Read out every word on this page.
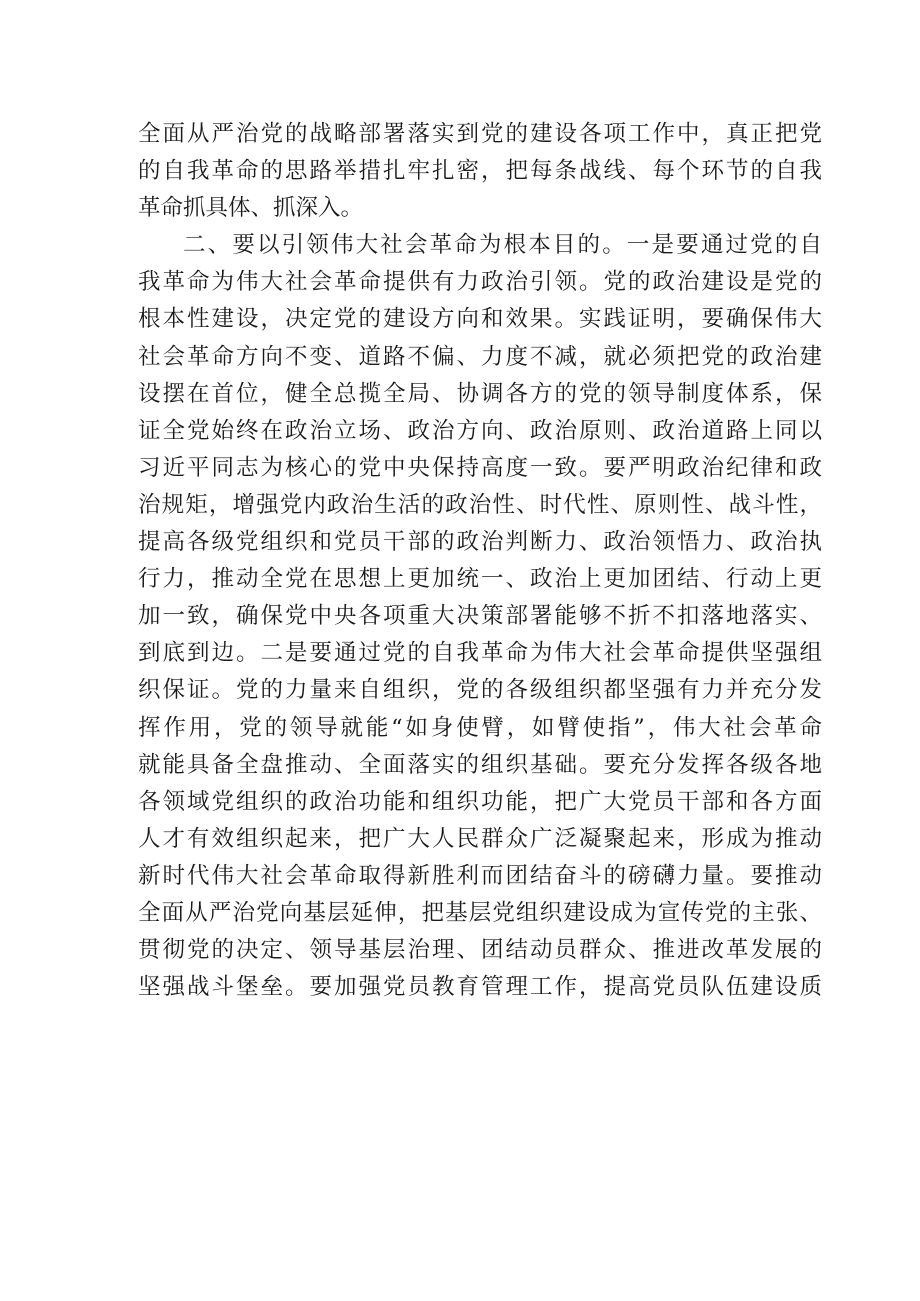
全面从严治党的战略部署落实到党的建设各项工作中，真正把党
的自我革命的思路举措扎牢扎密，把每条战线、每个环节的自我
革命抓具体、抓深入。
二、要以引领伟大社会革命为根本目的。一是要通过党的自
我革命为伟大社会革命提供有力政治引领。党的政治建设是党的
根本性建设，决定党的建设方向和效果。实践证明，要确保伟大
社会革命方向不变、道路不偏、力度不减，就必须把党的政治建
设摆在首位，健全总揽全局、协调各方的党的领导制度体系，保
证全党始终在政治立场、政治方向、政治原则、政治道路上同以
习近平同志为核心的党中央保持高度一致。要严明政治纪律和政
治规矩，增强党内政治生活的政治性、时代性、原则性、战斗性，
提高各级党组织和党员干部的政治判断力、政治领悟力、政治执
行力，推动全党在思想上更加统一、政治上更加团结、行动上更
加一致，确保党中央各项重大决策部署能够不折不扣落地落实、
到底到边。二是要通过党的自我革命为伟大社会革命提供坚强组
织保证。党的力量来自组织，党的各级组织都坚强有力并充分发
挥作用，党的领导就能“如身使臂，如臂使指”，伟大社会革命
就能具备全盘推动、全面落实的组织基础。要充分发挥各级各地
各领域党组织的政治功能和组织功能，把广大党员干部和各方面
人才有效组织起来，把广大人民群众广泛凝聚起来，形成为推动
新时代伟大社会革命取得新胜利而团结奋斗的磅礴力量。要推动
全面从严治党向基层延伸，把基层党组织建设成为宣传党的主张、
贯彻党的决定、领导基层治理、团结动员群众、推进改革发展的
坚强战斗堡垒。要加强党员教育管理工作，提高党员队伍建设质
